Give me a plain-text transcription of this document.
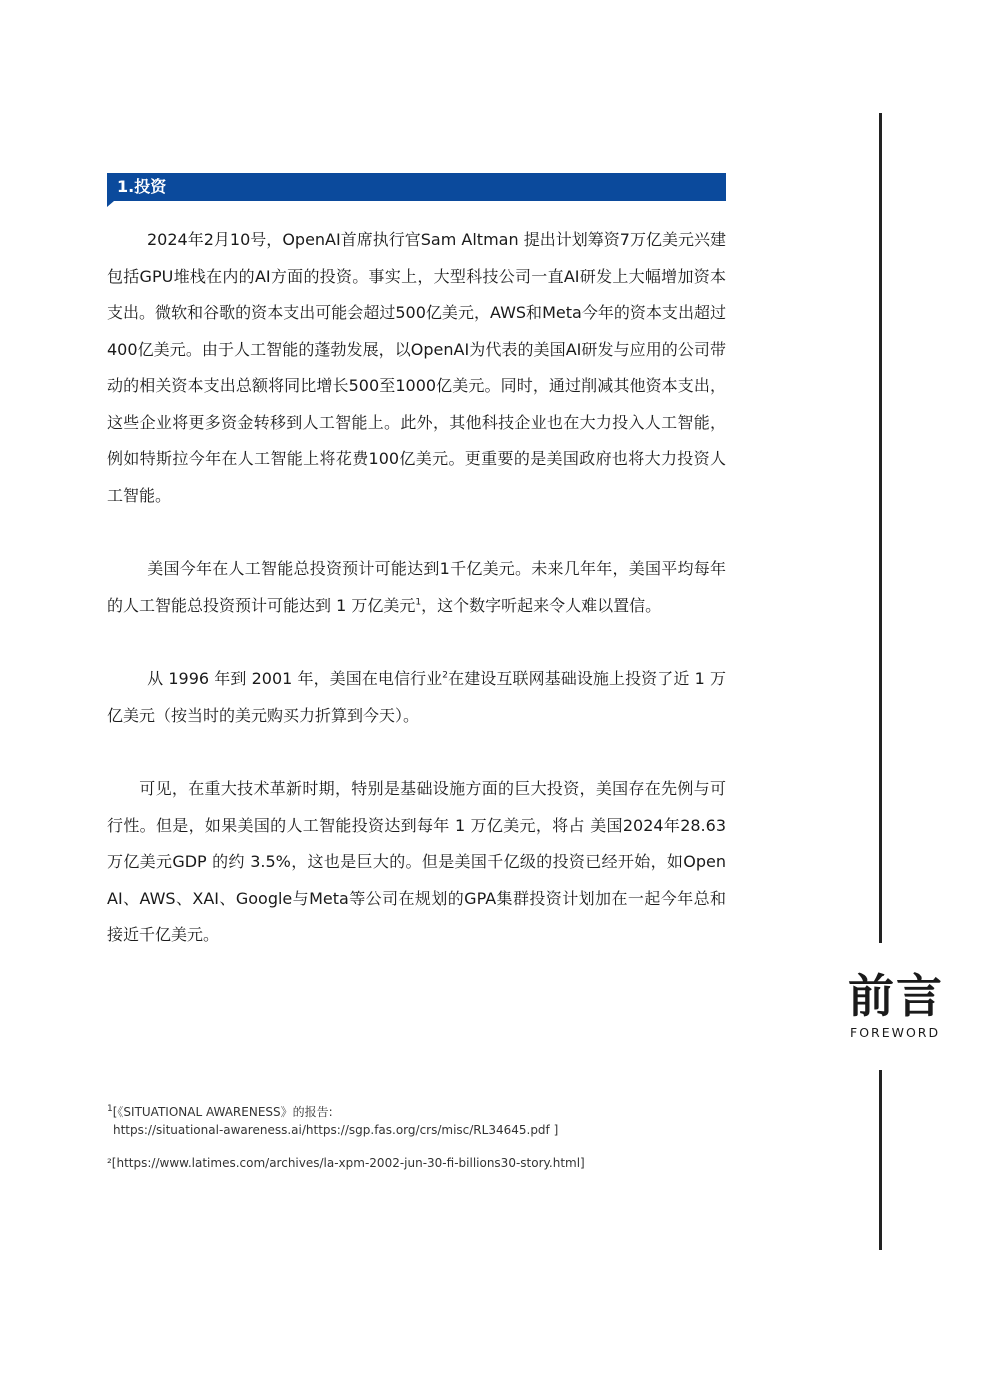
1.投资

2024年2月10号，OpenAI首席执行官Sam Altman 提出计划筹资7万亿美元兴建包括GPU堆栈在内的AI方面的投资。事实上，大型科技公司一直AI研发上大幅增加资本支出。微软和谷歌的资本支出可能会超过500亿美元，AWS和Meta今年的资本支出超过400亿美元。由于人工智能的蓬勃发展，以OpenAI为代表的美国AI研发与应用的公司带动的相关资本支出总额将同比增长500至1000亿美元。同时，通过削减其他资本支出，这些企业将更多资金转移到人工智能上。此外，其他科技企业也在大力投入人工智能，例如特斯拉今年在人工智能上将花费100亿美元。更重要的是美国政府也将大力投资人工智能。

美国今年在人工智能总投资预计可能达到1千亿美元。未来几年年，美国平均每年的人工智能总投资预计可能达到 1 万亿美元$^1$，这个数字听起来令人难以置信。

从 1996 年到 2001 年，美国在电信行业$^2$在建设互联网基础设施上投资了近 1 万亿美元（按当时的美元购买力折算到今天）。

可见，在重大技术革新时期，特别是基础设施方面的巨大投资，美国存在先例与可行性。但是，如果美国的人工智能投资达到每年 1 万亿美元，将占 美国2024年28.63万亿美元GDP 的约 3.5%，这也是巨大的。但是美国千亿级的投资已经开始，如Open AI、AWS、XAI、Google与Meta等公司在规划的GPA集群投资计划加在一起今年总和接近千亿美元。

$^1$[《SITUATIONAL AWARENESS》的报告:
https://situational-awareness.ai/https://sgp.fas.org/crs/misc/RL34645.pdf ]
²[https://www.latimes.com/archives/la-xpm-2002-jun-30-fi-billions30-story.html]
前言
FOREWORD
